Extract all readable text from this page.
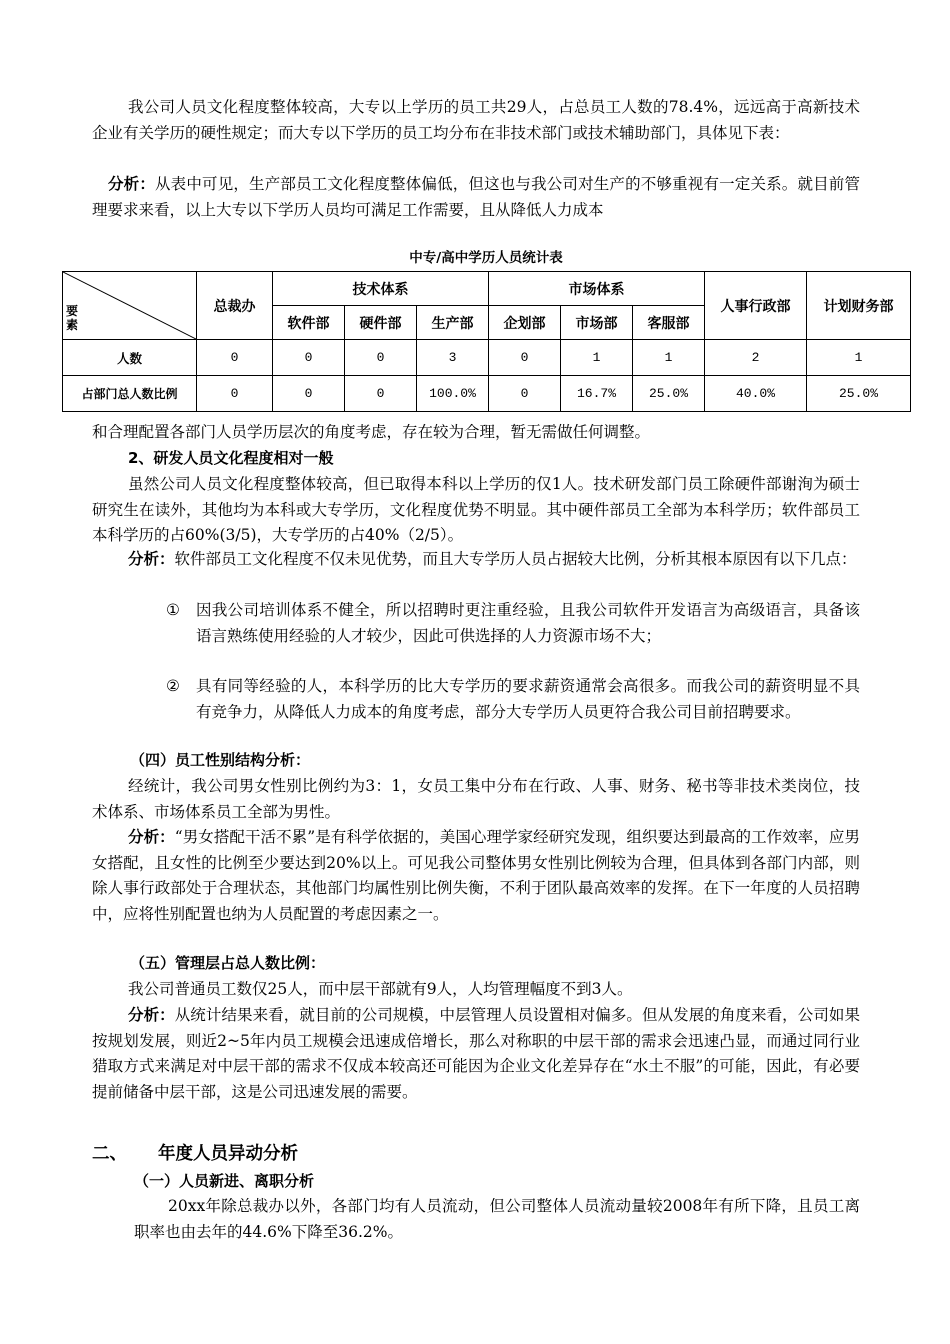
我公司人员文化程度整体较高，大专以上学历的员工共29人，占总员工人数的78.4%，远远高于高新技术企业有关学历的硬性规定；而大专以下学历的员工均分布在非技术部门或技术辅助部门，具体见下表：

分析：从表中可见，生产部员工文化程度整体偏低，但这也与我公司对生产的不够重视有一定关系。就目前管理要求来看，以上大专以下学历人员均可满足工作需要，且从降低人力成本

中专/高中学历人员统计表
要
素	总裁办	技术体系			市场体系			人事行政部	计划财务部
		软件部	硬件部	生产部	企划部	市场部	客服部		
人数	0	0	0	3	0	1	1	2	1
占部门总人数比例	0	0	0	100.0%	0	16.7%	25.0%	40.0%	25.0%

和合理配置各部门人员学历层次的角度考虑，存在较为合理，暂无需做任何调整。

2、研发人员文化程度相对一般

虽然公司人员文化程度整体较高，但已取得本科以上学历的仅1人。技术研发部门员工除硬件部谢洵为硕士研究生在读外，其他均为本科或大专学历，文化程度优势不明显。其中硬件部员工全部为本科学历；软件部员工本科学历的占60%(3/5)，大专学历的占40%（2/5）。

分析：软件部员工文化程度不仅未见优势，而且大专学历人员占据较大比例，分析其根本原因有以下几点：

①	因我公司培训体系不健全，所以招聘时更注重经验，且我公司软件开发语言为高级语言，具备该语言熟练使用经验的人才较少，因此可供选择的人力资源市场不大；
②	具有同等经验的人，本科学历的比大专学历的要求薪资通常会高很多。而我公司的薪资明显不具有竞争力，从降低人力成本的角度考虑，部分大专学历人员更符合我公司目前招聘要求。

（四）员工性别结构分析：

经统计，我公司男女性别比例约为3：1，女员工集中分布在行政、人事、财务、秘书等非技术类岗位，技术体系、市场体系员工全部为男性。

分析：“男女搭配干活不累”是有科学依据的，美国心理学家经研究发现，组织要达到最高的工作效率，应男女搭配，且女性的比例至少要达到20%以上。可见我公司整体男女性别比例较为合理，但具体到各部门内部，则除人事行政部处于合理状态，其他部门均属性别比例失衡，不利于团队最高效率的发挥。在下一年度的人员招聘中，应将性别配置也纳为人员配置的考虑因素之一。

（五）管理层占总人数比例：

我公司普通员工数仅25人，而中层干部就有9人，人均管理幅度不到3人。

分析：从统计结果来看，就目前的公司规模，中层管理人员设置相对偏多。但从发展的角度来看，公司如果按规划发展，则近2~5年内员工规模会迅速成倍增长，那么对称职的中层干部的需求会迅速凸显，而通过同行业猎取方式来满足对中层干部的需求不仅成本较高还可能因为企业文化差异存在“水土不服”的可能，因此，有必要提前储备中层干部，这是公司迅速发展的需要。

二、 年度人员异动分析
（一）人员新进、离职分析

20xx年除总裁办以外，各部门均有人员流动，但公司整体人员流动量较2008年有所下降，且员工离职率也由去年的44.6%下降至36.2%。
